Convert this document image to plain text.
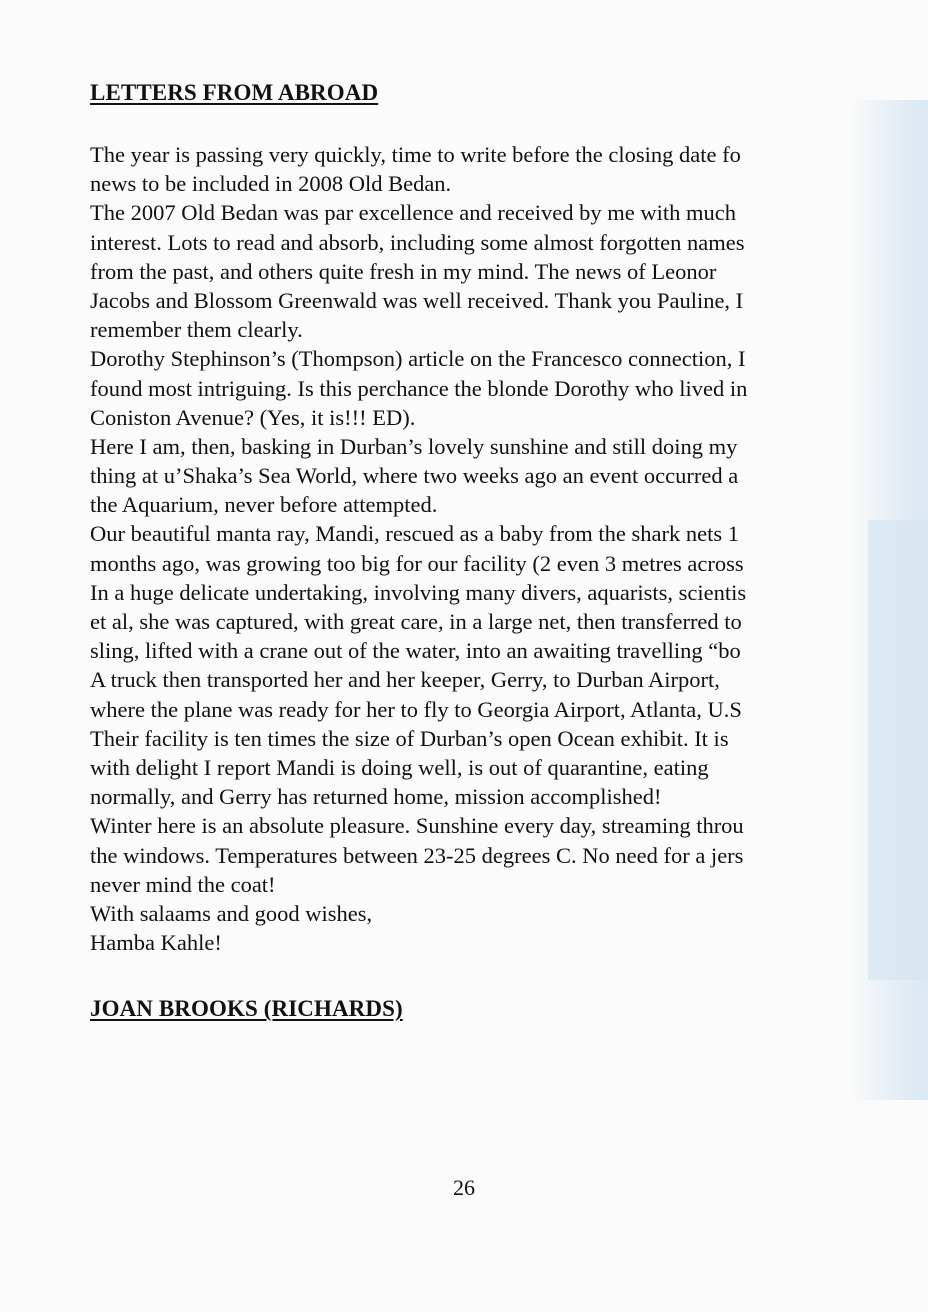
LETTERS FROM ABROAD
The year is passing very quickly, time to write before the closing date fo
news to be included in 2008 Old Bedan.
The 2007 Old Bedan was par excellence and received by me with much
interest. Lots to read and absorb, including some almost forgotten names
from the past, and others quite fresh in my mind. The news of Leonor
Jacobs and Blossom Greenwald was well received. Thank you Pauline, I
remember them clearly.
Dorothy Stephinson’s (Thompson) article on the Francesco connection, I
found most intriguing. Is this perchance the blonde Dorothy who lived in
Coniston Avenue? (Yes, it is!!! ED).
Here I am, then, basking in Durban’s lovely sunshine and still doing my
thing at u’Shaka’s Sea World, where two weeks ago an event occurred a
the Aquarium, never before attempted.
Our beautiful manta ray, Mandi, rescued as a baby from the shark nets 1
months ago, was growing too big for our facility (2 even 3 metres across
In a huge delicate undertaking, involving many divers, aquarists, scientis
et al, she was captured, with great care, in a large net, then transferred to
sling, lifted with a crane out of the water, into an awaiting travelling “bo
A truck then transported her and her keeper, Gerry, to Durban Airport,
where the plane was ready for her to fly to Georgia Airport, Atlanta, U.S
Their facility is ten times the size of Durban’s open Ocean exhibit. It is
with delight I report Mandi is doing well, is out of quarantine, eating
normally, and Gerry has returned home, mission accomplished!
Winter here is an absolute pleasure. Sunshine every day, streaming throu
the windows. Temperatures between 23-25 degrees C. No need for a jers
never mind the coat!
With salaams and good wishes,
Hamba Kahle!
JOAN BROOKS (RICHARDS)
26
